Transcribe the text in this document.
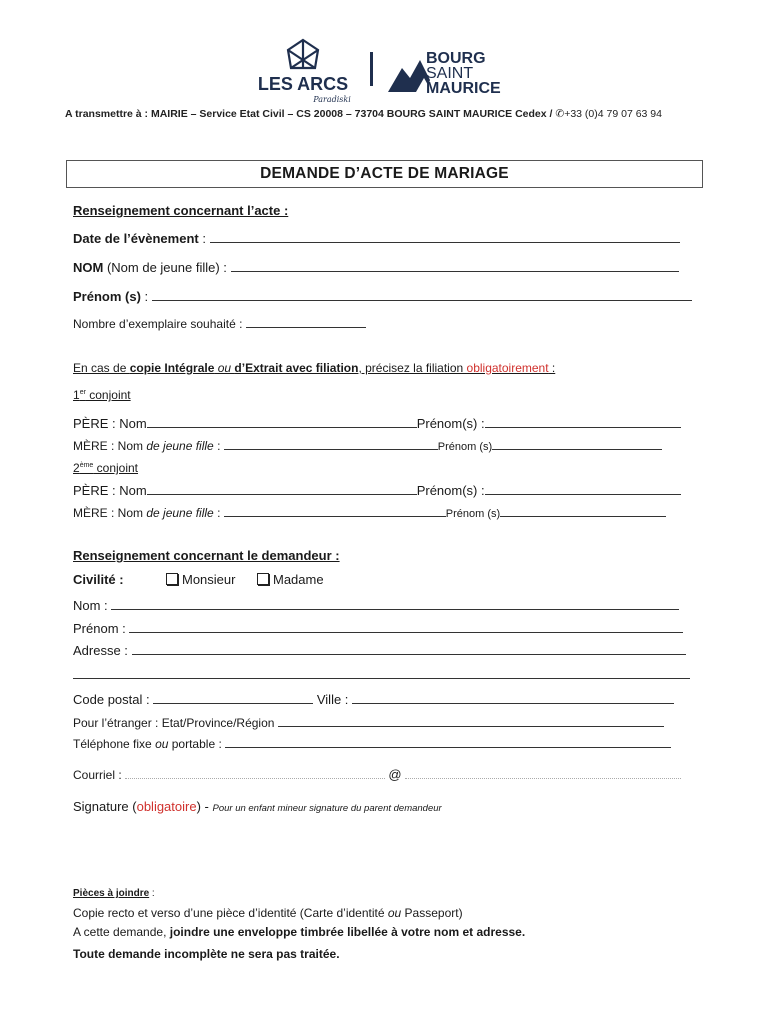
LES ARCS
Paradiski
BOURG
SAINT
MAURICE
A transmettre à : MAIRIE – Service Etat Civil – CS 20008 – 73704 BOURG SAINT MAURICE Cedex / ✆+33 (0)4 79 07 63 94
DEMANDE D’ACTE DE MARIAGE
Renseignement concernant l’acte :
Date de l’évènement :
NOM (Nom de jeune fille) :
Prénom (s) :
Nombre d’exemplaire souhaité :
En cas de copie Intégrale ou d’Extrait avec filiation, précisez la filiation obligatoirement :
1er conjoint
PÈRE : Nom	Prénom(s) :
MÈRE : Nom de jeune fille :	Prénom (s)
2ème conjoint
PÈRE : Nom	Prénom(s) :
MÈRE : Nom de jeune fille :	Prénom (s)
Renseignement concernant le demandeur :
Civilité :	Monsieur	Madame
Nom :
Prénom :
Adresse :
Code postal :	Ville :
Pour l’étranger : Etat/Province/Région
Téléphone fixe ou portable :
Courriel :	@
Signature (obligatoire) - Pour un enfant mineur signature du parent demandeur
Pièces à joindre :
Copie recto et verso d’une pièce d’identité (Carte d’identité ou Passeport)
A cette demande, joindre une enveloppe timbrée libellée à votre nom et adresse.
Toute demande incomplète ne sera pas traitée.
